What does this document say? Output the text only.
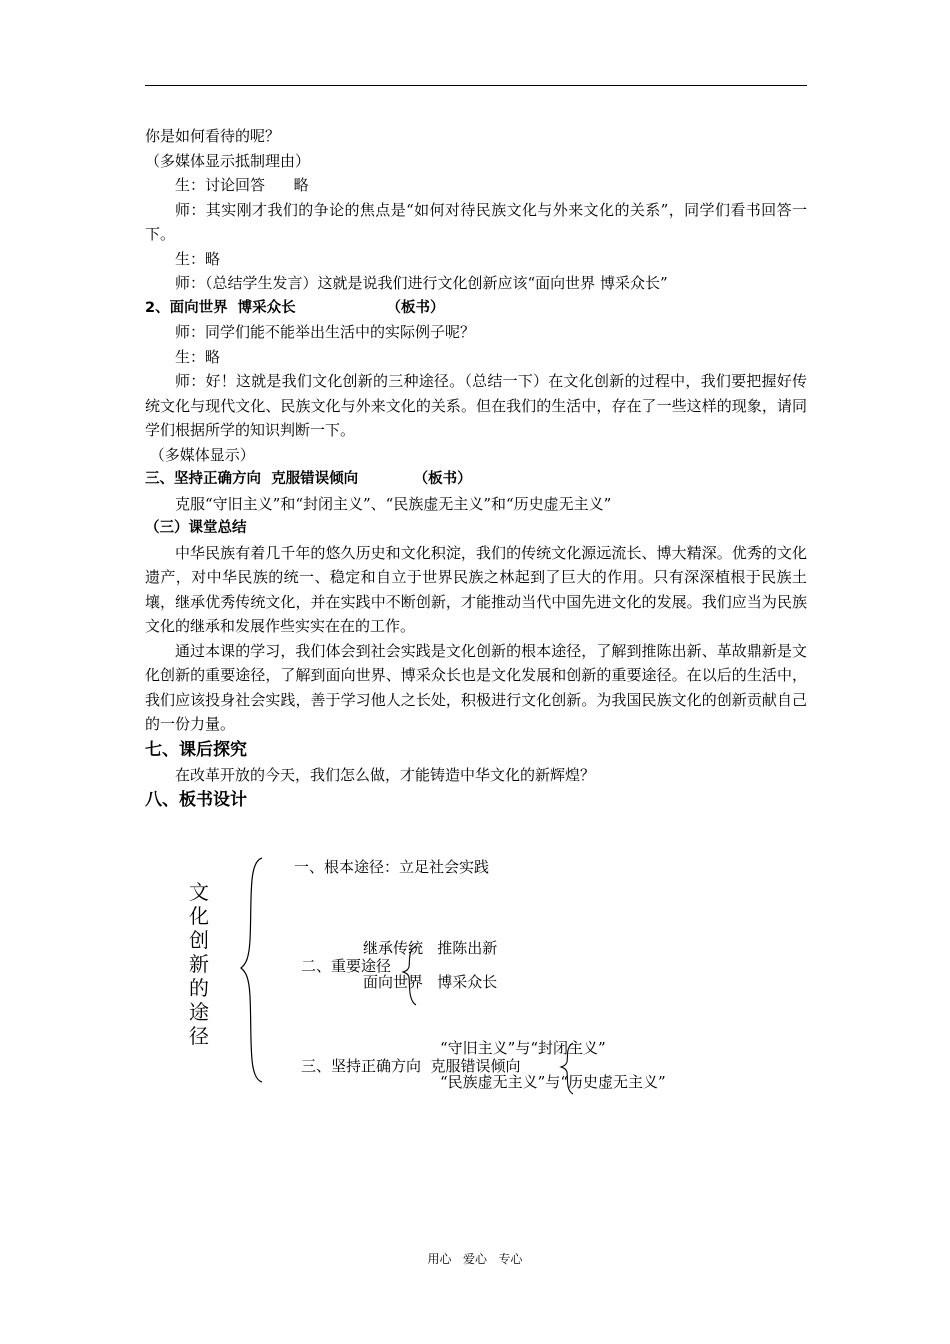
你是如何看待的呢？

（多媒体显示抵制理由）

生：讨论回答      略

师：其实刚才我们的争论的焦点是“如何对待民族文化与外来文化的关系”，同学们看书回答一下。

生：略

师：（总结学生发言）这就是说我们进行文化创新应该“面向世界 博采众长”

2、面向世界  博采众长                  （板书）

师：同学们能不能举出生活中的实际例子呢？

生：略

师：好！这就是我们文化创新的三种途径。（总结一下）在文化创新的过程中，我们要把握好传统文化与现代文化、民族文化与外来文化的关系。但在我们的生活中，存在了一些这样的现象，请同学们根据所学的知识判断一下。

（多媒体显示）

三、坚持正确方向  克服错误倾向           （板书）

克服“守旧主义”和“封闭主义”、“民族虚无主义”和“历史虚无主义”

（三）课堂总结

中华民族有着几千年的悠久历史和文化积淀，我们的传统文化源远流长、博大精深。优秀的文化遗产，对中华民族的统一、稳定和自立于世界民族之林起到了巨大的作用。只有深深植根于民族土壤，继承优秀传统文化，并在实践中不断创新，才能推动当代中国先进文化的发展。我们应当为民族文化的继承和发展作些实实在在的工作。

通过本课的学习，我们体会到社会实践是文化创新的根本途径，了解到推陈出新、革故鼎新是文化创新的重要途径，了解到面向世界、博采众长也是文化发展和创新的重要途径。在以后的生活中，我们应该投身社会实践，善于学习他人之长处，积极进行文化创新。为我国民族文化的创新贡献自己的一份力量。

七、课后探究

在改革开放的今天，我们怎么做，才能铸造中华文化的新辉煌？

八、板书设计

文化创新的途径
一、根本途径：立足社会实践
继承传统   推陈出新
二、重要途径
面向世界   博采众长
“守旧主义”与“封闭主义”
三、坚持正确方向  克服错误倾向
“民族虚无主义”与“历史虚无主义”
用心   爱心   专心
